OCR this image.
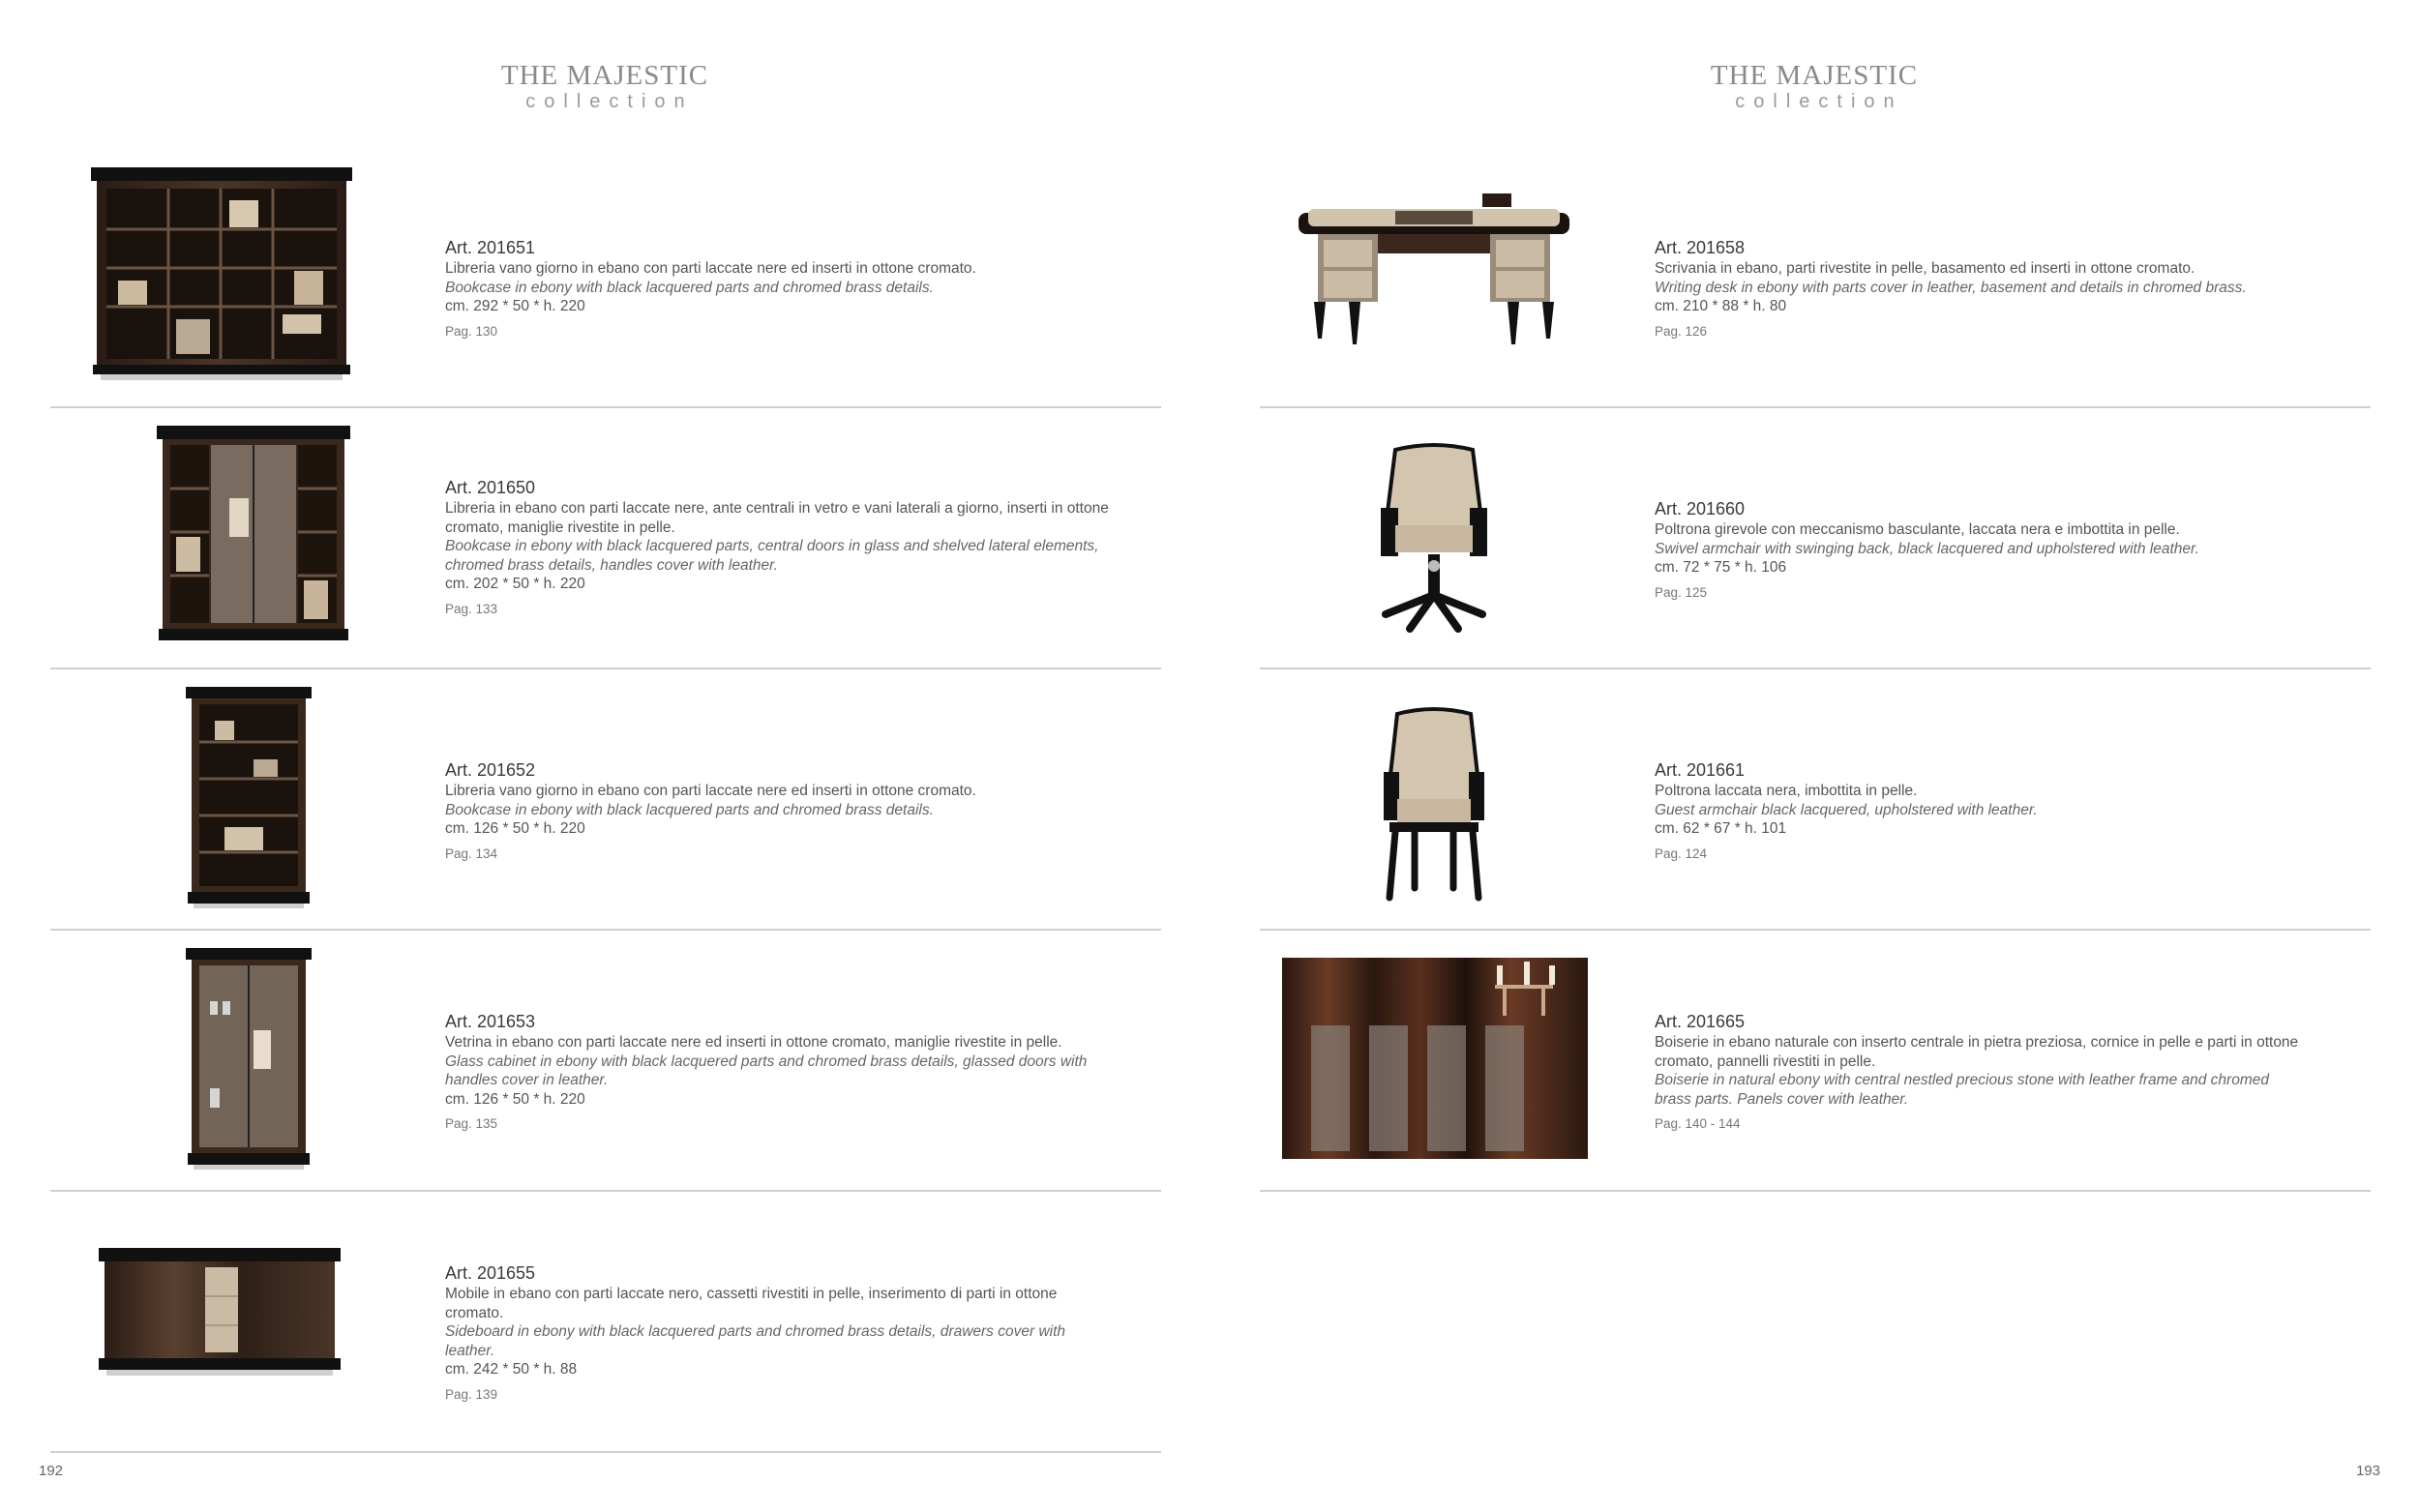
THE MAJESTIC
collection
Art. 201651
Libreria vano giorno in ebano con parti laccate nere ed inserti in ottone cromato.
Bookcase in ebony with black lacquered parts and chromed brass details.
cm. 292 * 50 * h. 220
Pag. 130
Art. 201650
Libreria in ebano con parti laccate nere, ante centrali in vetro e vani laterali a giorno, inserti in ottone cromato, maniglie rivestite in pelle.
Bookcase in ebony with black lacquered parts, central doors in glass and shelved lateral elements, chromed brass details, handles cover with leather.
cm. 202 * 50 * h. 220
Pag. 133
Art. 201652
Libreria vano giorno in ebano con parti laccate nere ed inserti in ottone cromato.
Bookcase in ebony with black lacquered parts and chromed brass details.
cm. 126 * 50 * h. 220
Pag. 134
Art. 201653
Vetrina in ebano con parti laccate nere ed inserti in ottone cromato, maniglie rivestite in pelle.
Glass cabinet in ebony with black lacquered parts and chromed brass details, glassed doors with handles cover in leather.
cm. 126 * 50 * h. 220
Pag. 135
Art. 201655
Mobile in ebano con parti laccate nero, cassetti rivestiti in pelle, inserimento di parti in ottone cromato.
Sideboard in ebony with black lacquered parts and chromed brass details, drawers cover with leather.
cm. 242 * 50 * h. 88
Pag. 139
192
THE MAJESTIC
collection
Art. 201658
Scrivania in ebano, parti rivestite in pelle, basamento ed inserti in ottone cromato.
Writing desk in ebony with parts cover in leather, basement and details in chromed brass.
cm. 210 * 88 * h. 80
Pag. 126
Art. 201660
Poltrona girevole con meccanismo basculante, laccata nera e imbottita in pelle.
Swivel armchair with swinging back, black lacquered and upholstered with leather.
cm. 72 * 75 * h. 106
Pag. 125
Art. 201661
Poltrona laccata nera, imbottita in pelle.
Guest armchair black lacquered, upholstered with leather.
cm. 62 * 67 * h. 101
Pag. 124
Art. 201665
Boiserie in ebano naturale con inserto centrale in pietra preziosa, cornice in pelle e parti in ottone cromato, pannelli rivestiti in pelle.
Boiserie in natural ebony with central nestled precious stone with leather frame and chromed brass parts. Panels cover with leather.
Pag. 140 - 144
193
